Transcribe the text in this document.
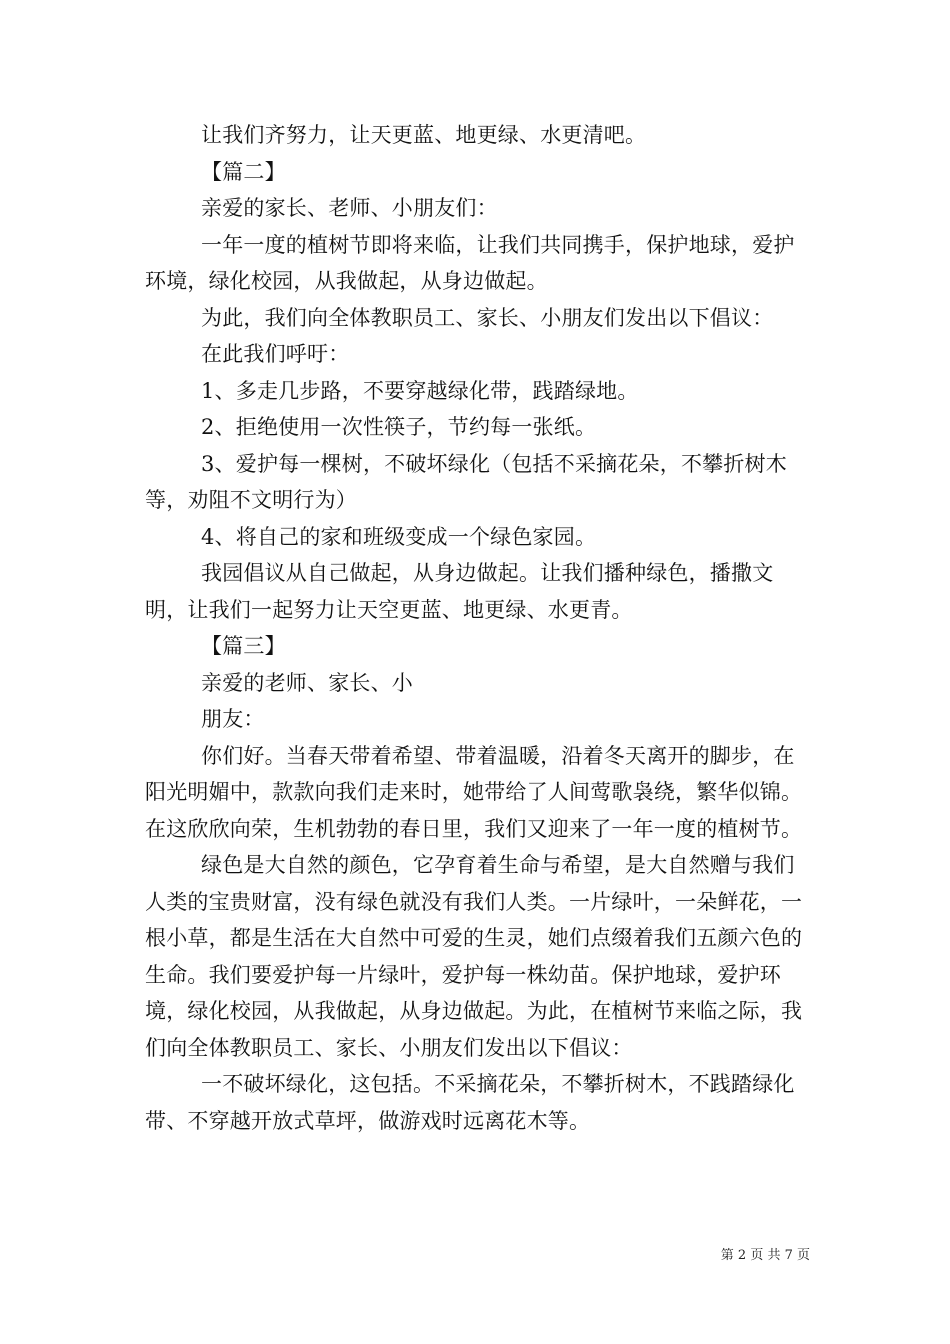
让我们齐努力，让天更蓝、地更绿、水更清吧。

【篇二】

亲爱的家长、老师、小朋友们：

一年一度的植树节即将来临，让我们共同携手，保护地球，爱护环境，绿化校园，从我做起，从身边做起。

为此，我们向全体教职员工、家长、小朋友们发出以下倡议：

在此我们呼吁：

1、多走几步路，不要穿越绿化带，践踏绿地。

2、拒绝使用一次性筷子，节约每一张纸。

3、爱护每一棵树，不破坏绿化（包括不采摘花朵，不攀折树木等，劝阻不文明行为）

4、将自己的家和班级变成一个绿色家园。

我园倡议从自己做起，从身边做起。让我们播种绿色，播撒文明，让我们一起努力让天空更蓝、地更绿、水更青。

【篇三】

亲爱的老师、家长、小

朋友：

你们好。当春天带着希望、带着温暖，沿着冬天离开的脚步，在阳光明媚中，款款向我们走来时，她带给了人间莺歌袅绕，繁华似锦。在这欣欣向荣，生机勃勃的春日里，我们又迎来了一年一度的植树节。

绿色是大自然的颜色，它孕育着生命与希望，是大自然赠与我们人类的宝贵财富，没有绿色就没有我们人类。一片绿叶，一朵鲜花，一根小草，都是生活在大自然中可爱的生灵，她们点缀着我们五颜六色的生命。我们要爱护每一片绿叶，爱护每一株幼苗。保护地球，爱护环境，绿化校园，从我做起，从身边做起。为此，在植树节来临之际，我们向全体教职员工、家长、小朋友们发出以下倡议：

一不破坏绿化，这包括。不采摘花朵，不攀折树木，不践踏绿化带、不穿越开放式草坪，做游戏时远离花木等。

第 2 页 共 7 页
